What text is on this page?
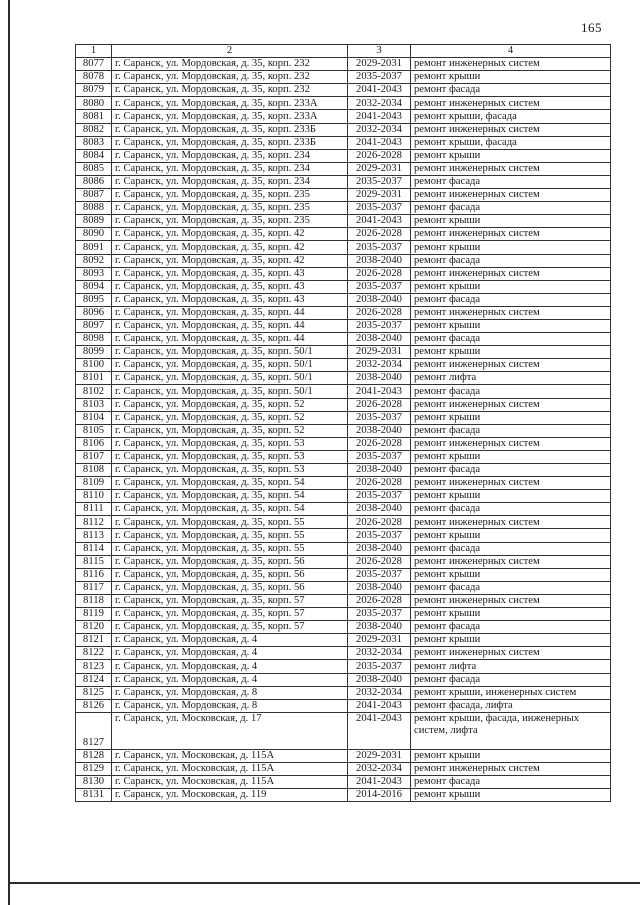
165
1	2	3	4
8077	г. Саранск, ул. Мордовская, д. 35, корп. 232	2029-2031	ремонт инженерных систем
8078	г. Саранск, ул. Мордовская, д. 35, корп. 232	2035-2037	ремонт крыши
8079	г. Саранск, ул. Мордовская, д. 35, корп. 232	2041-2043	ремонт фасада
8080	г. Саранск, ул. Мордовская, д. 35, корп. 233А	2032-2034	ремонт инженерных систем
8081	г. Саранск, ул. Мордовская, д. 35, корп. 233А	2041-2043	ремонт крыши, фасада
8082	г. Саранск, ул. Мордовская, д. 35, корп. 233Б	2032-2034	ремонт инженерных систем
8083	г. Саранск, ул. Мордовская, д. 35, корп. 233Б	2041-2043	ремонт крыши, фасада
8084	г. Саранск, ул. Мордовская, д. 35, корп. 234	2026-2028	ремонт крыши
8085	г. Саранск, ул. Мордовская, д. 35, корп. 234	2029-2031	ремонт инженерных систем
8086	г. Саранск, ул. Мордовская, д. 35, корп. 234	2035-2037	ремонт фасада
8087	г. Саранск, ул. Мордовская, д. 35, корп. 235	2029-2031	ремонт инженерных систем
8088	г. Саранск, ул. Мордовская, д. 35, корп. 235	2035-2037	ремонт фасада
8089	г. Саранск, ул. Мордовская, д. 35, корп. 235	2041-2043	ремонт крыши
8090	г. Саранск, ул. Мордовская, д. 35, корп. 42	2026-2028	ремонт инженерных систем
8091	г. Саранск, ул. Мордовская, д. 35, корп. 42	2035-2037	ремонт крыши
8092	г. Саранск, ул. Мордовская, д. 35, корп. 42	2038-2040	ремонт фасада
8093	г. Саранск, ул. Мордовская, д. 35, корп. 43	2026-2028	ремонт инженерных систем
8094	г. Саранск, ул. Мордовская, д. 35, корп. 43	2035-2037	ремонт крыши
8095	г. Саранск, ул. Мордовская, д. 35, корп. 43	2038-2040	ремонт фасада
8096	г. Саранск, ул. Мордовская, д. 35, корп. 44	2026-2028	ремонт инженерных систем
8097	г. Саранск, ул. Мордовская, д. 35, корп. 44	2035-2037	ремонт крыши
8098	г. Саранск, ул. Мордовская, д. 35, корп. 44	2038-2040	ремонт фасада
8099	г. Саранск, ул. Мордовская, д. 35, корп. 50/1	2029-2031	ремонт крыши
8100	г. Саранск, ул. Мордовская, д. 35, корп. 50/1	2032-2034	ремонт инженерных систем
8101	г. Саранск, ул. Мордовская, д. 35, корп. 50/1	2038-2040	ремонт лифта
8102	г. Саранск, ул. Мордовская, д. 35, корп. 50/1	2041-2043	ремонт фасада
8103	г. Саранск, ул. Мордовская, д. 35, корп. 52	2026-2028	ремонт инженерных систем
8104	г. Саранск, ул. Мордовская, д. 35, корп. 52	2035-2037	ремонт крыши
8105	г. Саранск, ул. Мордовская, д. 35, корп. 52	2038-2040	ремонт фасада
8106	г. Саранск, ул. Мордовская, д. 35, корп. 53	2026-2028	ремонт инженерных систем
8107	г. Саранск, ул. Мордовская, д. 35, корп. 53	2035-2037	ремонт крыши
8108	г. Саранск, ул. Мордовская, д. 35, корп. 53	2038-2040	ремонт фасада
8109	г. Саранск, ул. Мордовская, д. 35, корп. 54	2026-2028	ремонт инженерных систем
8110	г. Саранск, ул. Мордовская, д. 35, корп. 54	2035-2037	ремонт крыши
8111	г. Саранск, ул. Мордовская, д. 35, корп. 54	2038-2040	ремонт фасада
8112	г. Саранск, ул. Мордовская, д. 35, корп. 55	2026-2028	ремонт инженерных систем
8113	г. Саранск, ул. Мордовская, д. 35, корп. 55	2035-2037	ремонт крыши
8114	г. Саранск, ул. Мордовская, д. 35, корп. 55	2038-2040	ремонт фасада
8115	г. Саранск, ул. Мордовская, д. 35, корп. 56	2026-2028	ремонт инженерных систем
8116	г. Саранск, ул. Мордовская, д. 35, корп. 56	2035-2037	ремонт крыши
8117	г. Саранск, ул. Мордовская, д. 35, корп. 56	2038-2040	ремонт фасада
8118	г. Саранск, ул. Мордовская, д. 35, корп. 57	2026-2028	ремонт инженерных систем
8119	г. Саранск, ул. Мордовская, д. 35, корп. 57	2035-2037	ремонт крыши
8120	г. Саранск, ул. Мордовская, д. 35, корп. 57	2038-2040	ремонт фасада
8121	г. Саранск, ул. Мордовская, д. 4	2029-2031	ремонт крыши
8122	г. Саранск, ул. Мордовская, д. 4	2032-2034	ремонт инженерных систем
8123	г. Саранск, ул. Мордовская, д. 4	2035-2037	ремонт лифта
8124	г. Саранск, ул. Мордовская, д. 4	2038-2040	ремонт фасада
8125	г. Саранск, ул. Мордовская, д. 8	2032-2034	ремонт крыши, инженерных систем
8126	г. Саранск, ул. Мордовская, д. 8	2041-2043	ремонт фасада, лифта
8127	г. Саранск, ул. Московская, д. 17	2041-2043	ремонт крыши, фасада, инженерных систем, лифта
8128	г. Саранск, ул. Московская, д. 115А	2029-2031	ремонт крыши
8129	г. Саранск, ул. Московская, д. 115А	2032-2034	ремонт инженерных систем
8130	г. Саранск, ул. Московская, д. 115А	2041-2043	ремонт фасада
8131	г. Саранск, ул. Московская, д. 119	2014-2016	ремонт крыши
